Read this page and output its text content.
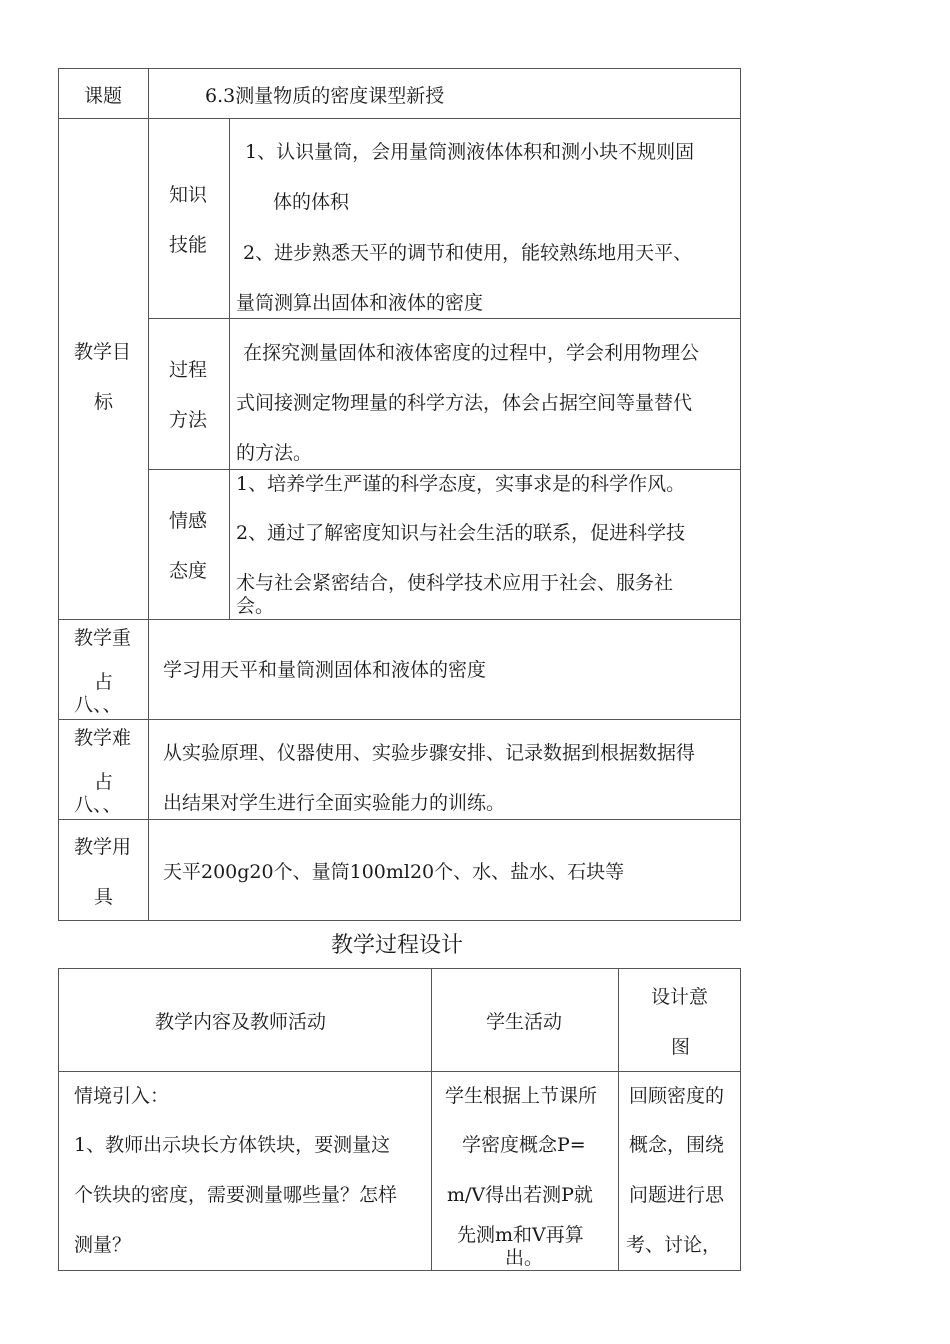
课题	6.3测量物质的密度课型新授
教学目
标
知识
技能
1、认识量筒，会用量筒测液体体积和测小块不规则固
体的体积
2、进步熟悉天平的调节和使用，能较熟练地用天平、
量筒测算出固体和液体的密度
过程
方法
在探究测量固体和液体密度的过程中，学会利用物理公
式间接测定物理量的科学方法，体会占据空间等量替代
的方法。
情感
态度
1、培养学生严谨的科学态度，实事求是的科学作风。
2、通过了解密度知识与社会生活的联系，促进科学技
术与社会紧密结合，使科学技术应用于社会、服务社
会。
教学重
占
八、、
学习用天平和量筒测固体和液体的密度
教学难
占
八、、
从实验原理、仪器使用、实验步骤安排、记录数据到根据数据得
出结果对学生进行全面实验能力的训练。
教学用
具
天平200g20个、量筒100ml20个、水、盐水、石块等
教学过程设计
教学内容及教师活动	学生活动
设计意
图
情境引入：
1、教师出示块长方体铁块，要测量这
个铁块的密度，需要测量哪些量？怎样
测量？
学生根据上节课所
学密度概念P=
m/V得出若测P就
先测m和V再算
出。
回顾密度的
概念，围绕
问题进行思
考、讨论，
